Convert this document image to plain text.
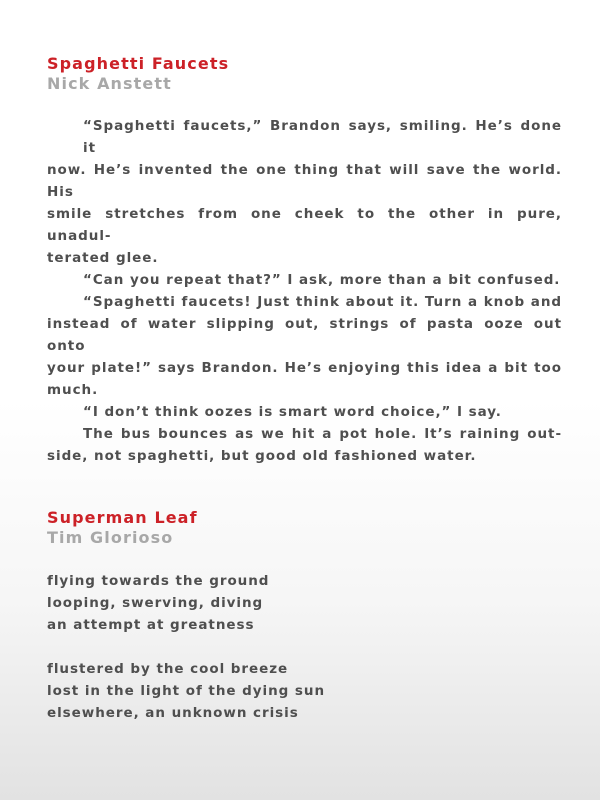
Spaghetti Faucets
Nick Anstett
“Spaghetti faucets,” Brandon says, smiling. He’s done it
now. He’s invented the one thing that will save the world. His
smile stretches from one cheek to the other in pure, unadul-
terated glee.
“Can you repeat that?” I ask, more than a bit confused.
“Spaghetti faucets! Just think about it. Turn a knob and
instead of water slipping out, strings of pasta ooze out onto
your plate!” says Brandon. He’s enjoying this idea a bit too
much.
“I don’t think oozes is smart word choice,” I say.
The bus bounces as we hit a pot hole. It’s raining out-
side, not spaghetti, but good old fashioned water.
Superman Leaf
Tim Glorioso
flying towards the ground
looping, swerving, diving
an attempt at greatness
flustered by the cool breeze
lost in the light of the dying sun
elsewhere, an unknown crisis
